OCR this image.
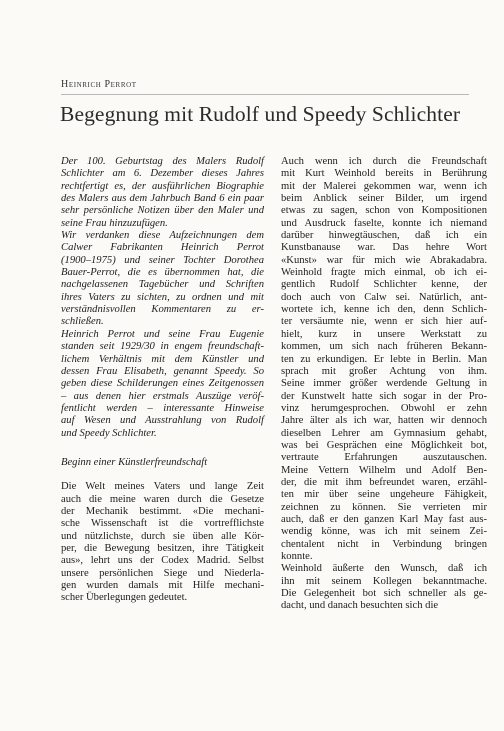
Heinrich Perrot
Begegnung mit Rudolf und Speedy Schlichter
Der 100. Geburtstag des Malers Rudolf
Schlichter am 6. Dezember dieses Jahres
rechtfertigt es, der ausführlichen Biographie
des Malers aus dem Jahrbuch Band 6 ein paar
sehr persönliche Notizen über den Maler und
seine Frau hinzuzufügen.
Wir verdanken diese Aufzeichnungen dem
Calwer Fabrikanten Heinrich Perrot
(1900–1975) und seiner Tochter Dorothea
Bauer-Perrot, die es übernommen hat, die
nachgelassenen Tagebücher und Schriften
ihres Vaters zu sichten, zu ordnen und mit
verständnisvollen Kommentaren zu er-
schließen.
Heinrich Perrot und seine Frau Eugenie
standen seit 1929/30 in engem freundschaft-
lichem Verhältnis mit dem Künstler und
dessen Frau Elisabeth, genannt Speedy. So
geben diese Schilderungen eines Zeitgenossen
– aus denen hier erstmals Auszüge veröf-
fentlicht werden – interessante Hinweise
auf Wesen und Ausstrahlung von Rudolf
und Speedy Schlichter.
Beginn einer Künstlerfreundschaft
Die Welt meines Vaters und lange Zeit
auch die meine waren durch die Gesetze
der Mechanik bestimmt. «Die mechani-
sche Wissenschaft ist die vortrefflichste
und nützlichste, durch sie üben alle Kör-
per, die Bewegung besitzen, ihre Tätigkeit
aus», lehrt uns der Codex Madrid. Selbst
unsere persönlichen Siege und Niederla-
gen wurden damals mit Hilfe mechani-
scher Überlegungen gedeutet.
Auch wenn ich durch die Freundschaft
mit Kurt Weinhold bereits in Berührung
mit der Malerei gekommen war, wenn ich
beim Anblick seiner Bilder, um irgend
etwas zu sagen, schon von Kompositionen
und Ausdruck faselte, konnte ich niemand
darüber hinwegtäuschen, daß ich ein
Kunstbanause war. Das hehre Wort
«Kunst» war für mich wie Abrakadabra.
Weinhold fragte mich einmal, ob ich ei-
gentlich Rudolf Schlichter kenne, der
doch auch von Calw sei. Natürlich, ant-
wortete ich, kenne ich den, denn Schlich-
ter versäumte nie, wenn er sich hier auf-
hielt, kurz in unsere Werkstatt zu
kommen, um sich nach früheren Bekann-
ten zu erkundigen. Er lebte in Berlin. Man
sprach mit großer Achtung von ihm.
Seine immer größer werdende Geltung in
der Kunstwelt hatte sich sogar in der Pro-
vinz herumgesprochen. Obwohl er zehn
Jahre älter als ich war, hatten wir dennoch
dieselben Lehrer am Gymnasium gehabt,
was bei Gesprächen eine Möglichkeit bot,
vertraute Erfahrungen auszutauschen.
Meine Vettern Wilhelm und Adolf Ben-
der, die mit ihm befreundet waren, erzähl-
ten mir über seine ungeheure Fähigkeit,
zeichnen zu können. Sie verrieten mir
auch, daß er den ganzen Karl May fast aus-
wendig könne, was ich mit seinem Zei-
chentalent nicht in Verbindung bringen
konnte.
Weinhold äußerte den Wunsch, daß ich
ihn mit seinem Kollegen bekanntmache.
Die Gelegenheit bot sich schneller als ge-
dacht, und danach besuchten sich die
